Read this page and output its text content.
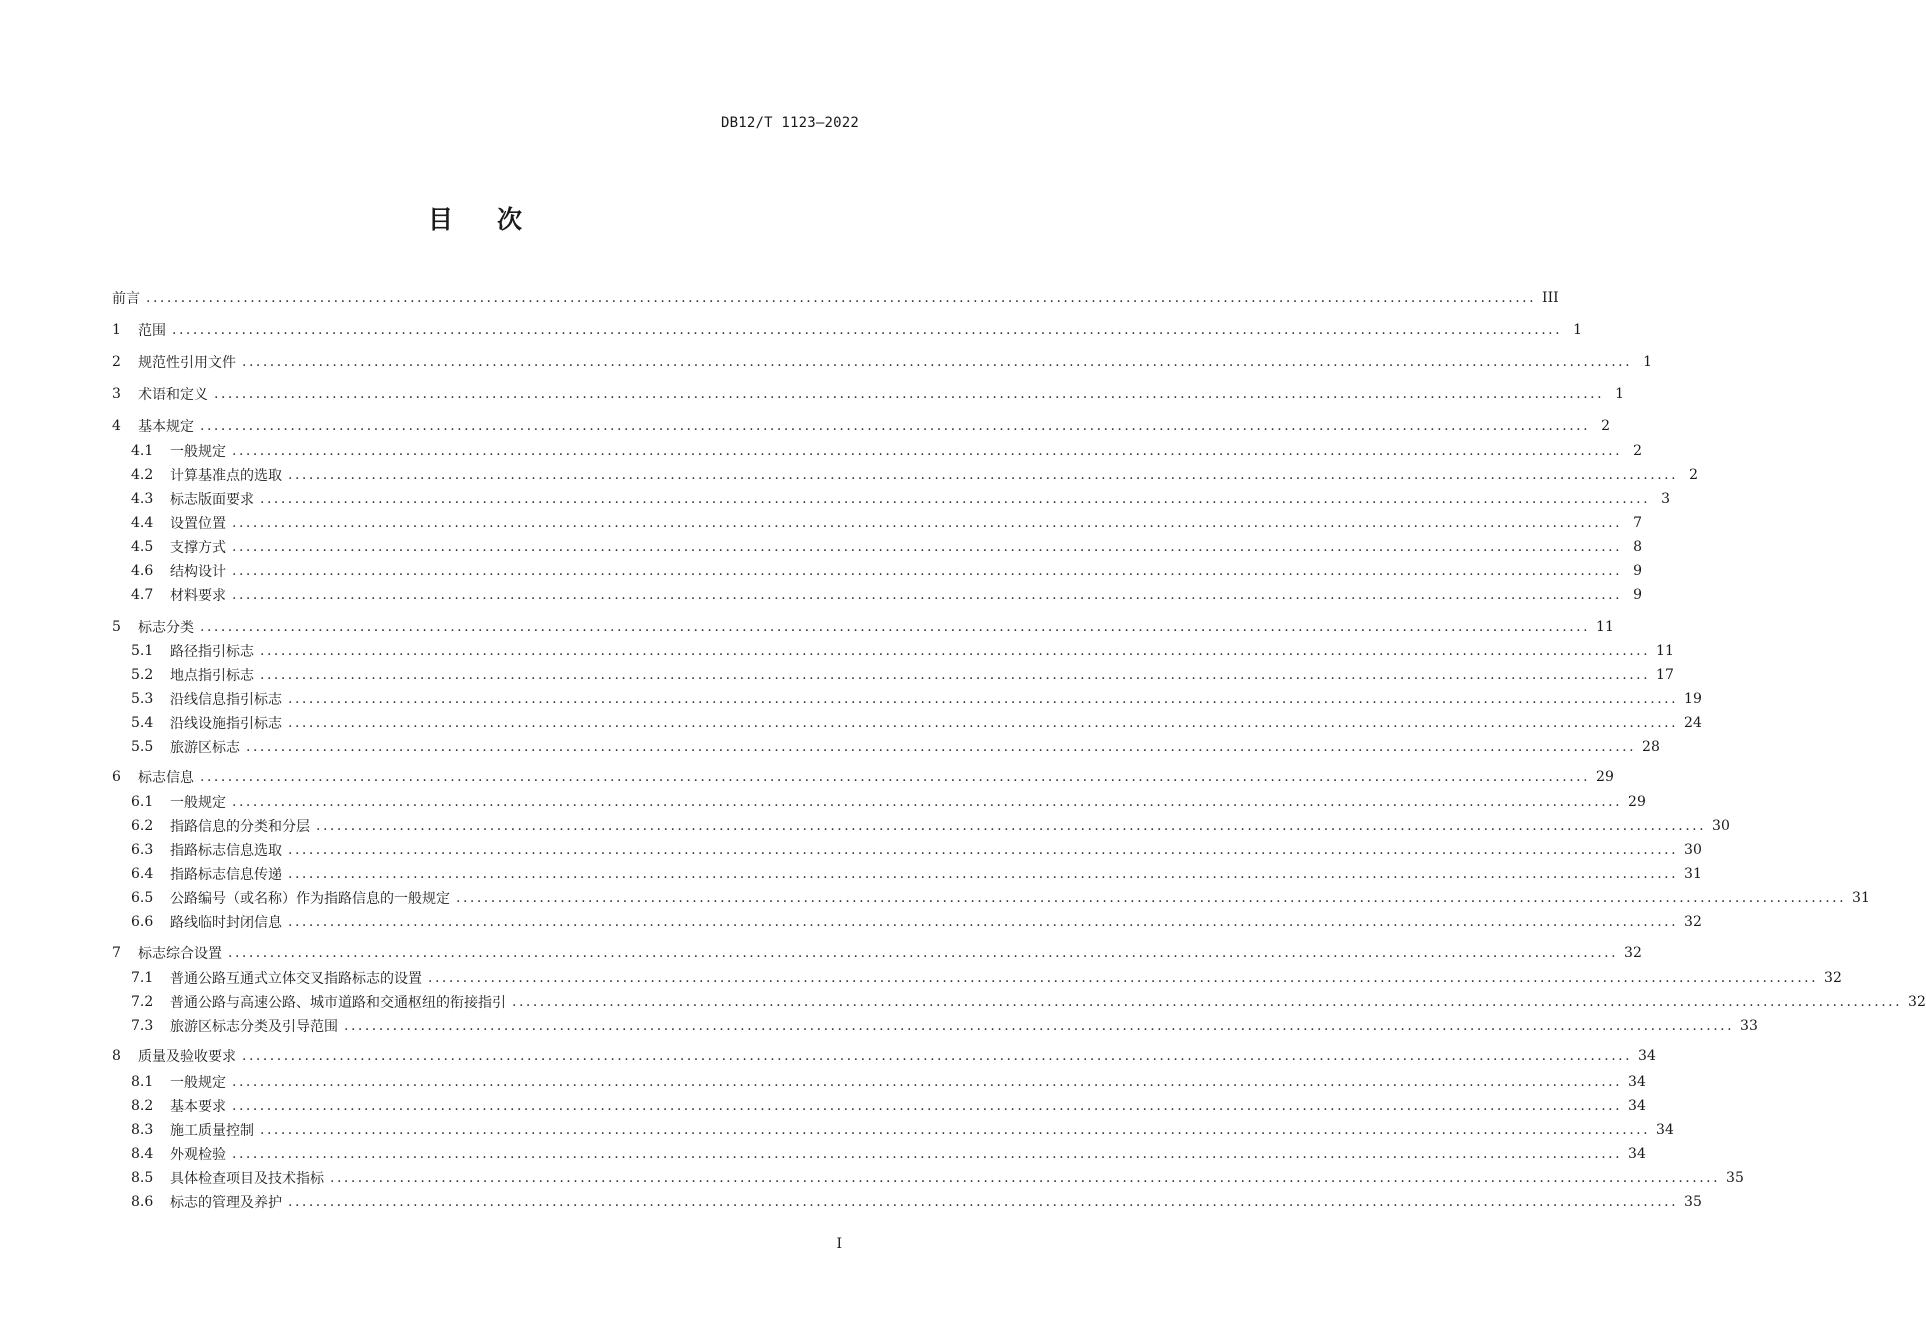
DB12/T 1123—2022
目 次
前言 ........................................................................................................................................................................................................ III
1	范围 ........................................................................................................................................................................................................ 1
2	规范性引用文件 ........................................................................................................................................................................................................ 1
3	术语和定义 ........................................................................................................................................................................................................ 1
4	基本规定 ........................................................................................................................................................................................................ 2
4.1	一般规定 ........................................................................................................................................................................................................ 2
4.2	计算基准点的选取 ........................................................................................................................................................................................................ 2
4.3	标志版面要求 ........................................................................................................................................................................................................ 3
4.4	设置位置 ........................................................................................................................................................................................................ 7
4.5	支撑方式 ........................................................................................................................................................................................................ 8
4.6	结构设计 ........................................................................................................................................................................................................ 9
4.7	材料要求 ........................................................................................................................................................................................................ 9
5	标志分类 ........................................................................................................................................................................................................ 11
5.1	路径指引标志 ........................................................................................................................................................................................................ 11
5.2	地点指引标志 ........................................................................................................................................................................................................ 17
5.3	沿线信息指引标志 ........................................................................................................................................................................................................ 19
5.4	沿线设施指引标志 ........................................................................................................................................................................................................ 24
5.5	旅游区标志 ........................................................................................................................................................................................................ 28
6	标志信息 ........................................................................................................................................................................................................ 29
6.1	一般规定 ........................................................................................................................................................................................................ 29
6.2	指路信息的分类和分层 ........................................................................................................................................................................................................ 30
6.3	指路标志信息选取 ........................................................................................................................................................................................................ 30
6.4	指路标志信息传递 ........................................................................................................................................................................................................ 31
6.5	公路编号（或名称）作为指路信息的一般规定 ........................................................................................................................................................................................................ 31
6.6	路线临时封闭信息 ........................................................................................................................................................................................................ 32
7	标志综合设置 ........................................................................................................................................................................................................ 32
7.1	普通公路互通式立体交叉指路标志的设置 ........................................................................................................................................................................................................ 32
7.2	普通公路与高速公路、城市道路和交通枢纽的衔接指引 ........................................................................................................................................................................................................ 32
7.3	旅游区标志分类及引导范围 ........................................................................................................................................................................................................ 33
8	质量及验收要求 ........................................................................................................................................................................................................ 34
8.1	一般规定 ........................................................................................................................................................................................................ 34
8.2	基本要求 ........................................................................................................................................................................................................ 34
8.3	施工质量控制 ........................................................................................................................................................................................................ 34
8.4	外观检验 ........................................................................................................................................................................................................ 34
8.5	具体检查项目及技术指标 ........................................................................................................................................................................................................ 35
8.6	标志的管理及养护 ........................................................................................................................................................................................................ 35
I
